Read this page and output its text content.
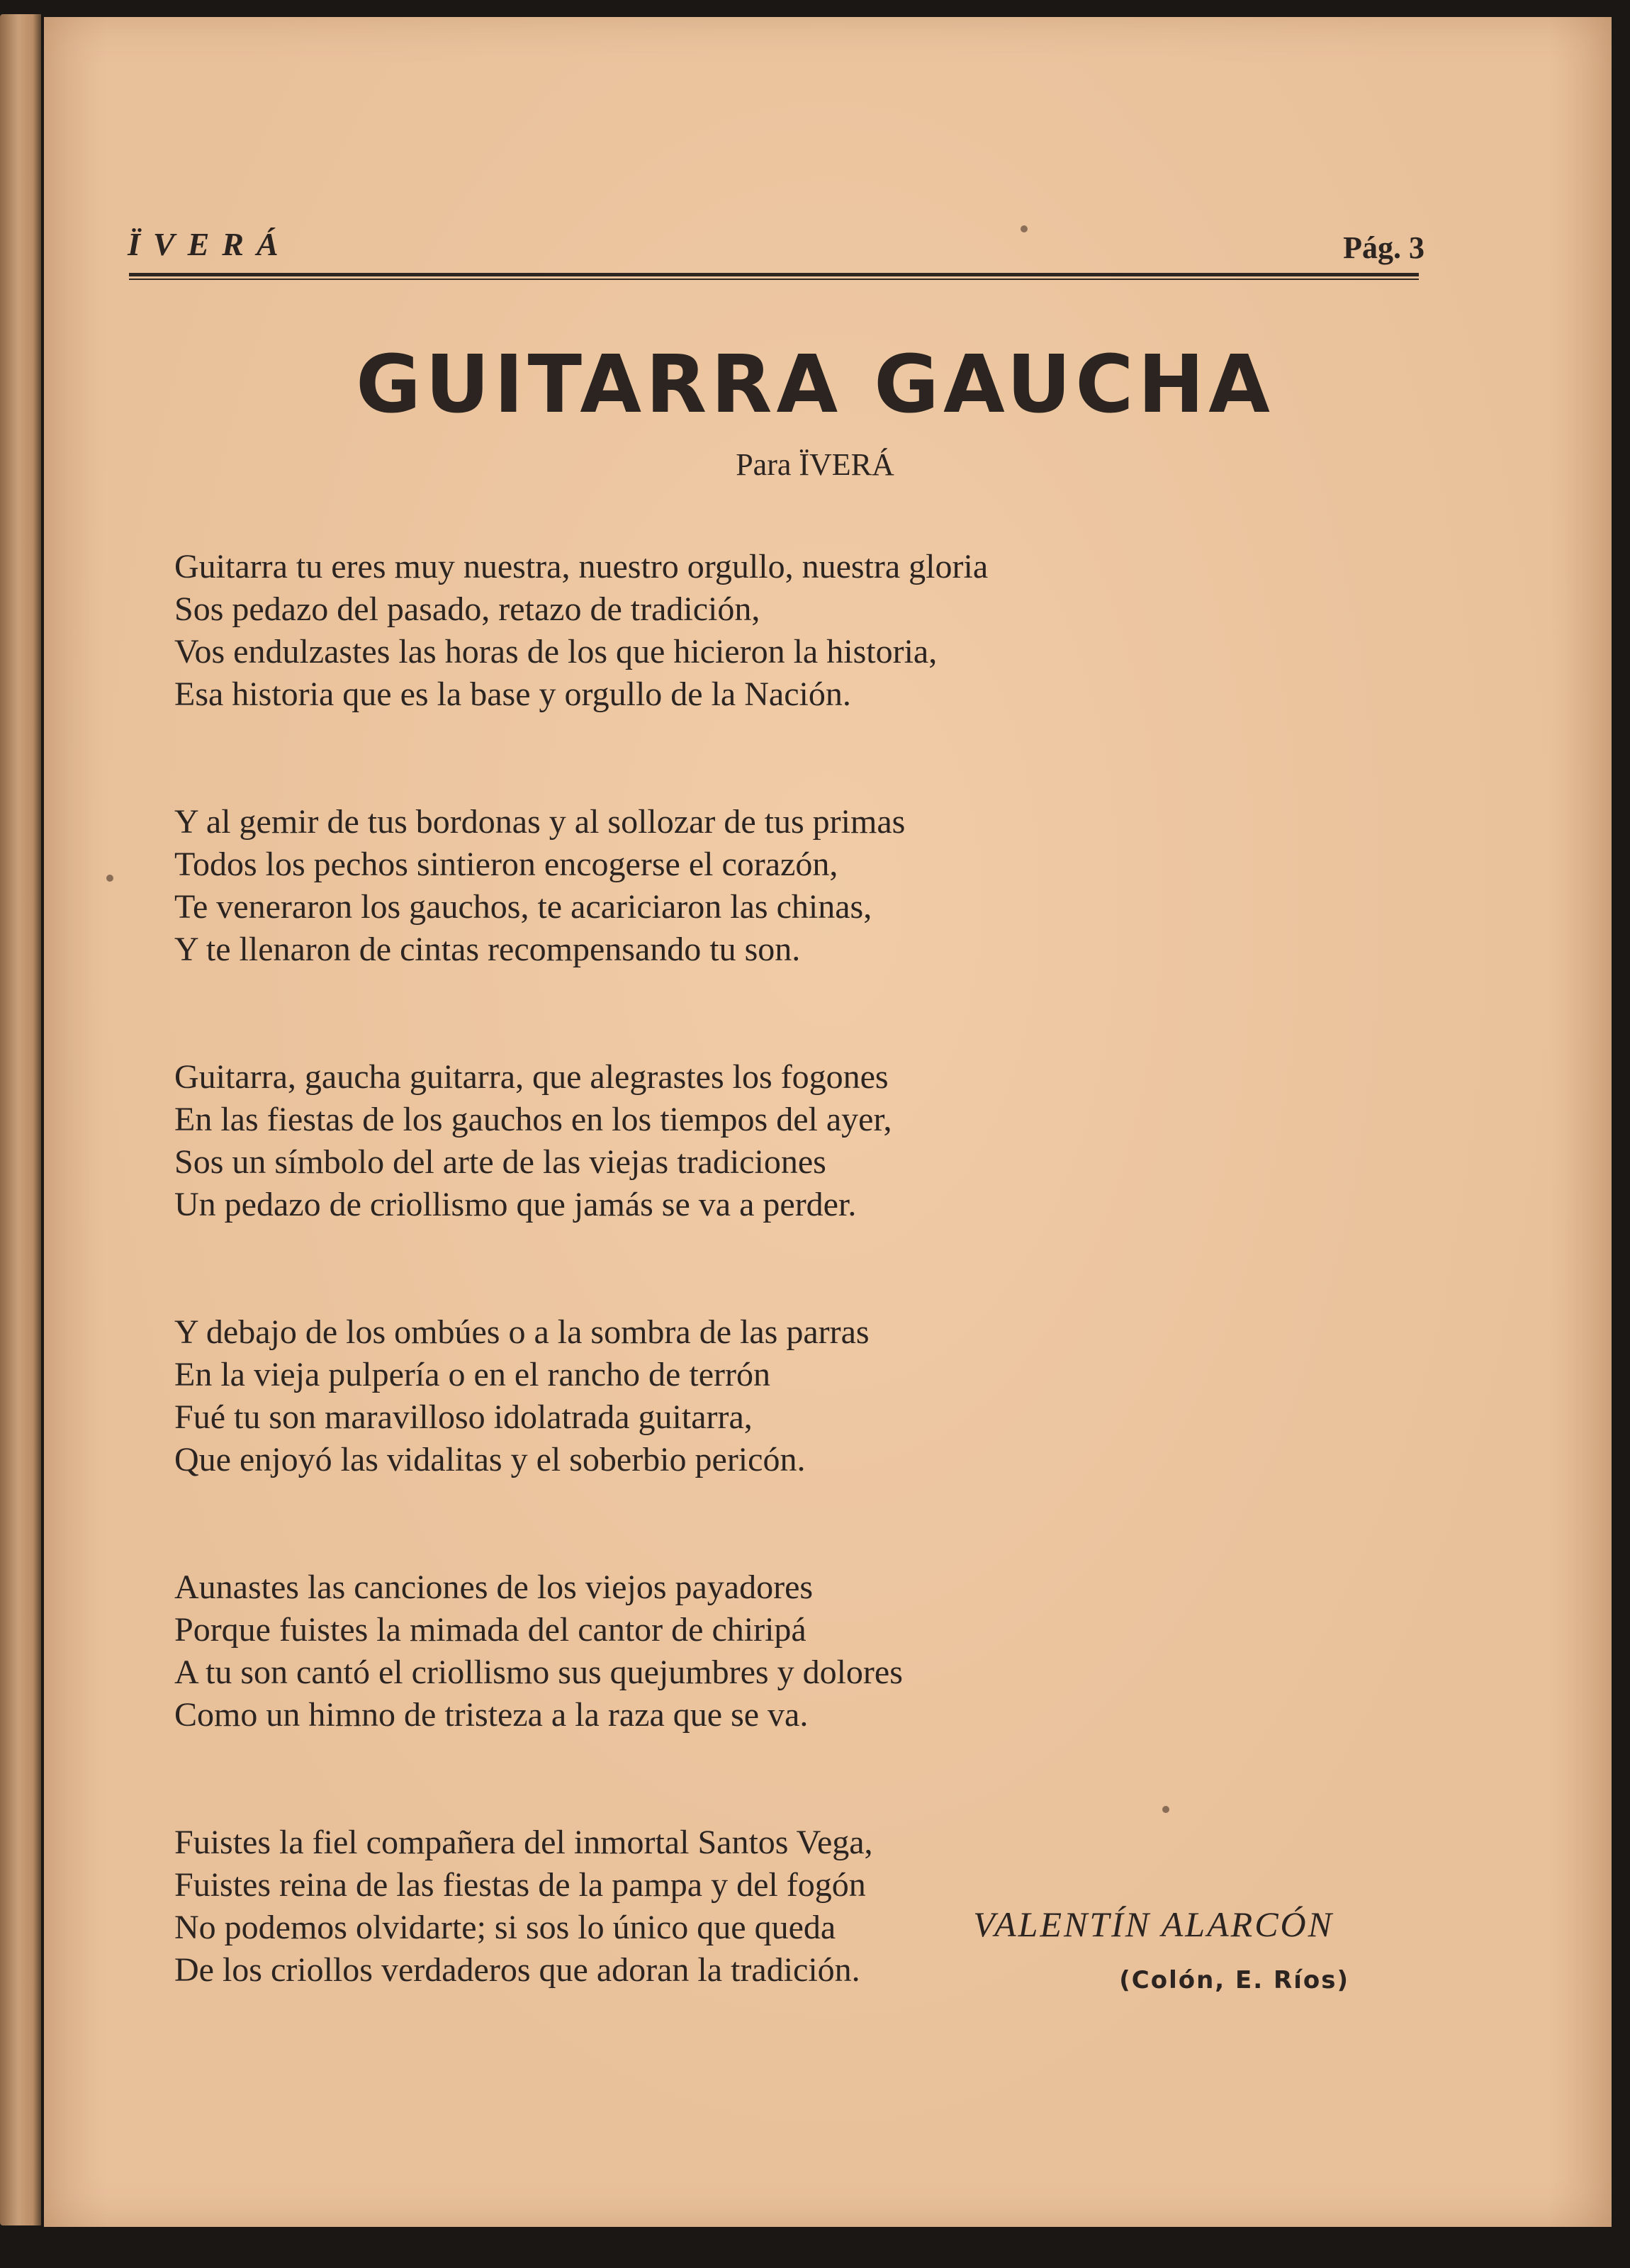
ÏVERÁ	Pág. 3
GUITARRA GAUCHA
Para ÏVERÁ
Guitarra tu eres muy nuestra, nuestro orgullo, nuestra gloria
Sos pedazo del pasado, retazo de tradición,
Vos endulzastes las horas de los que hicieron la historia,
Esa historia que es la base y orgullo de la Nación.
Y al gemir de tus bordonas y al sollozar de tus primas
Todos los pechos sintieron encogerse el corazón,
Te veneraron los gauchos, te acariciaron las chinas,
Y te llenaron de cintas recompensando tu son.
Guitarra, gaucha guitarra, que alegrastes los fogones
En las fiestas de los gauchos en los tiempos del ayer,
Sos un símbolo del arte de las viejas tradiciones
Un pedazo de criollismo que jamás se va a perder.
Y debajo de los ombúes o a la sombra de las parras
En la vieja pulpería o en el rancho de terrón
Fué tu son maravilloso idolatrada guitarra,
Que enjoyó las vidalitas y el soberbio pericón.
Aunastes las canciones de los viejos payadores
Porque fuistes la mimada del cantor de chiripá
A tu son cantó el criollismo sus quejumbres y dolores
Como un himno de tristeza a la raza que se va.
Fuistes la fiel compañera del inmortal Santos Vega,
Fuistes reina de las fiestas de la pampa y del fogón
No podemos olvidarte; si sos lo único que queda
De los criollos verdaderos que adoran la tradición.
VALENTÍN ALARCÓN
(Colón, E. Ríos)
